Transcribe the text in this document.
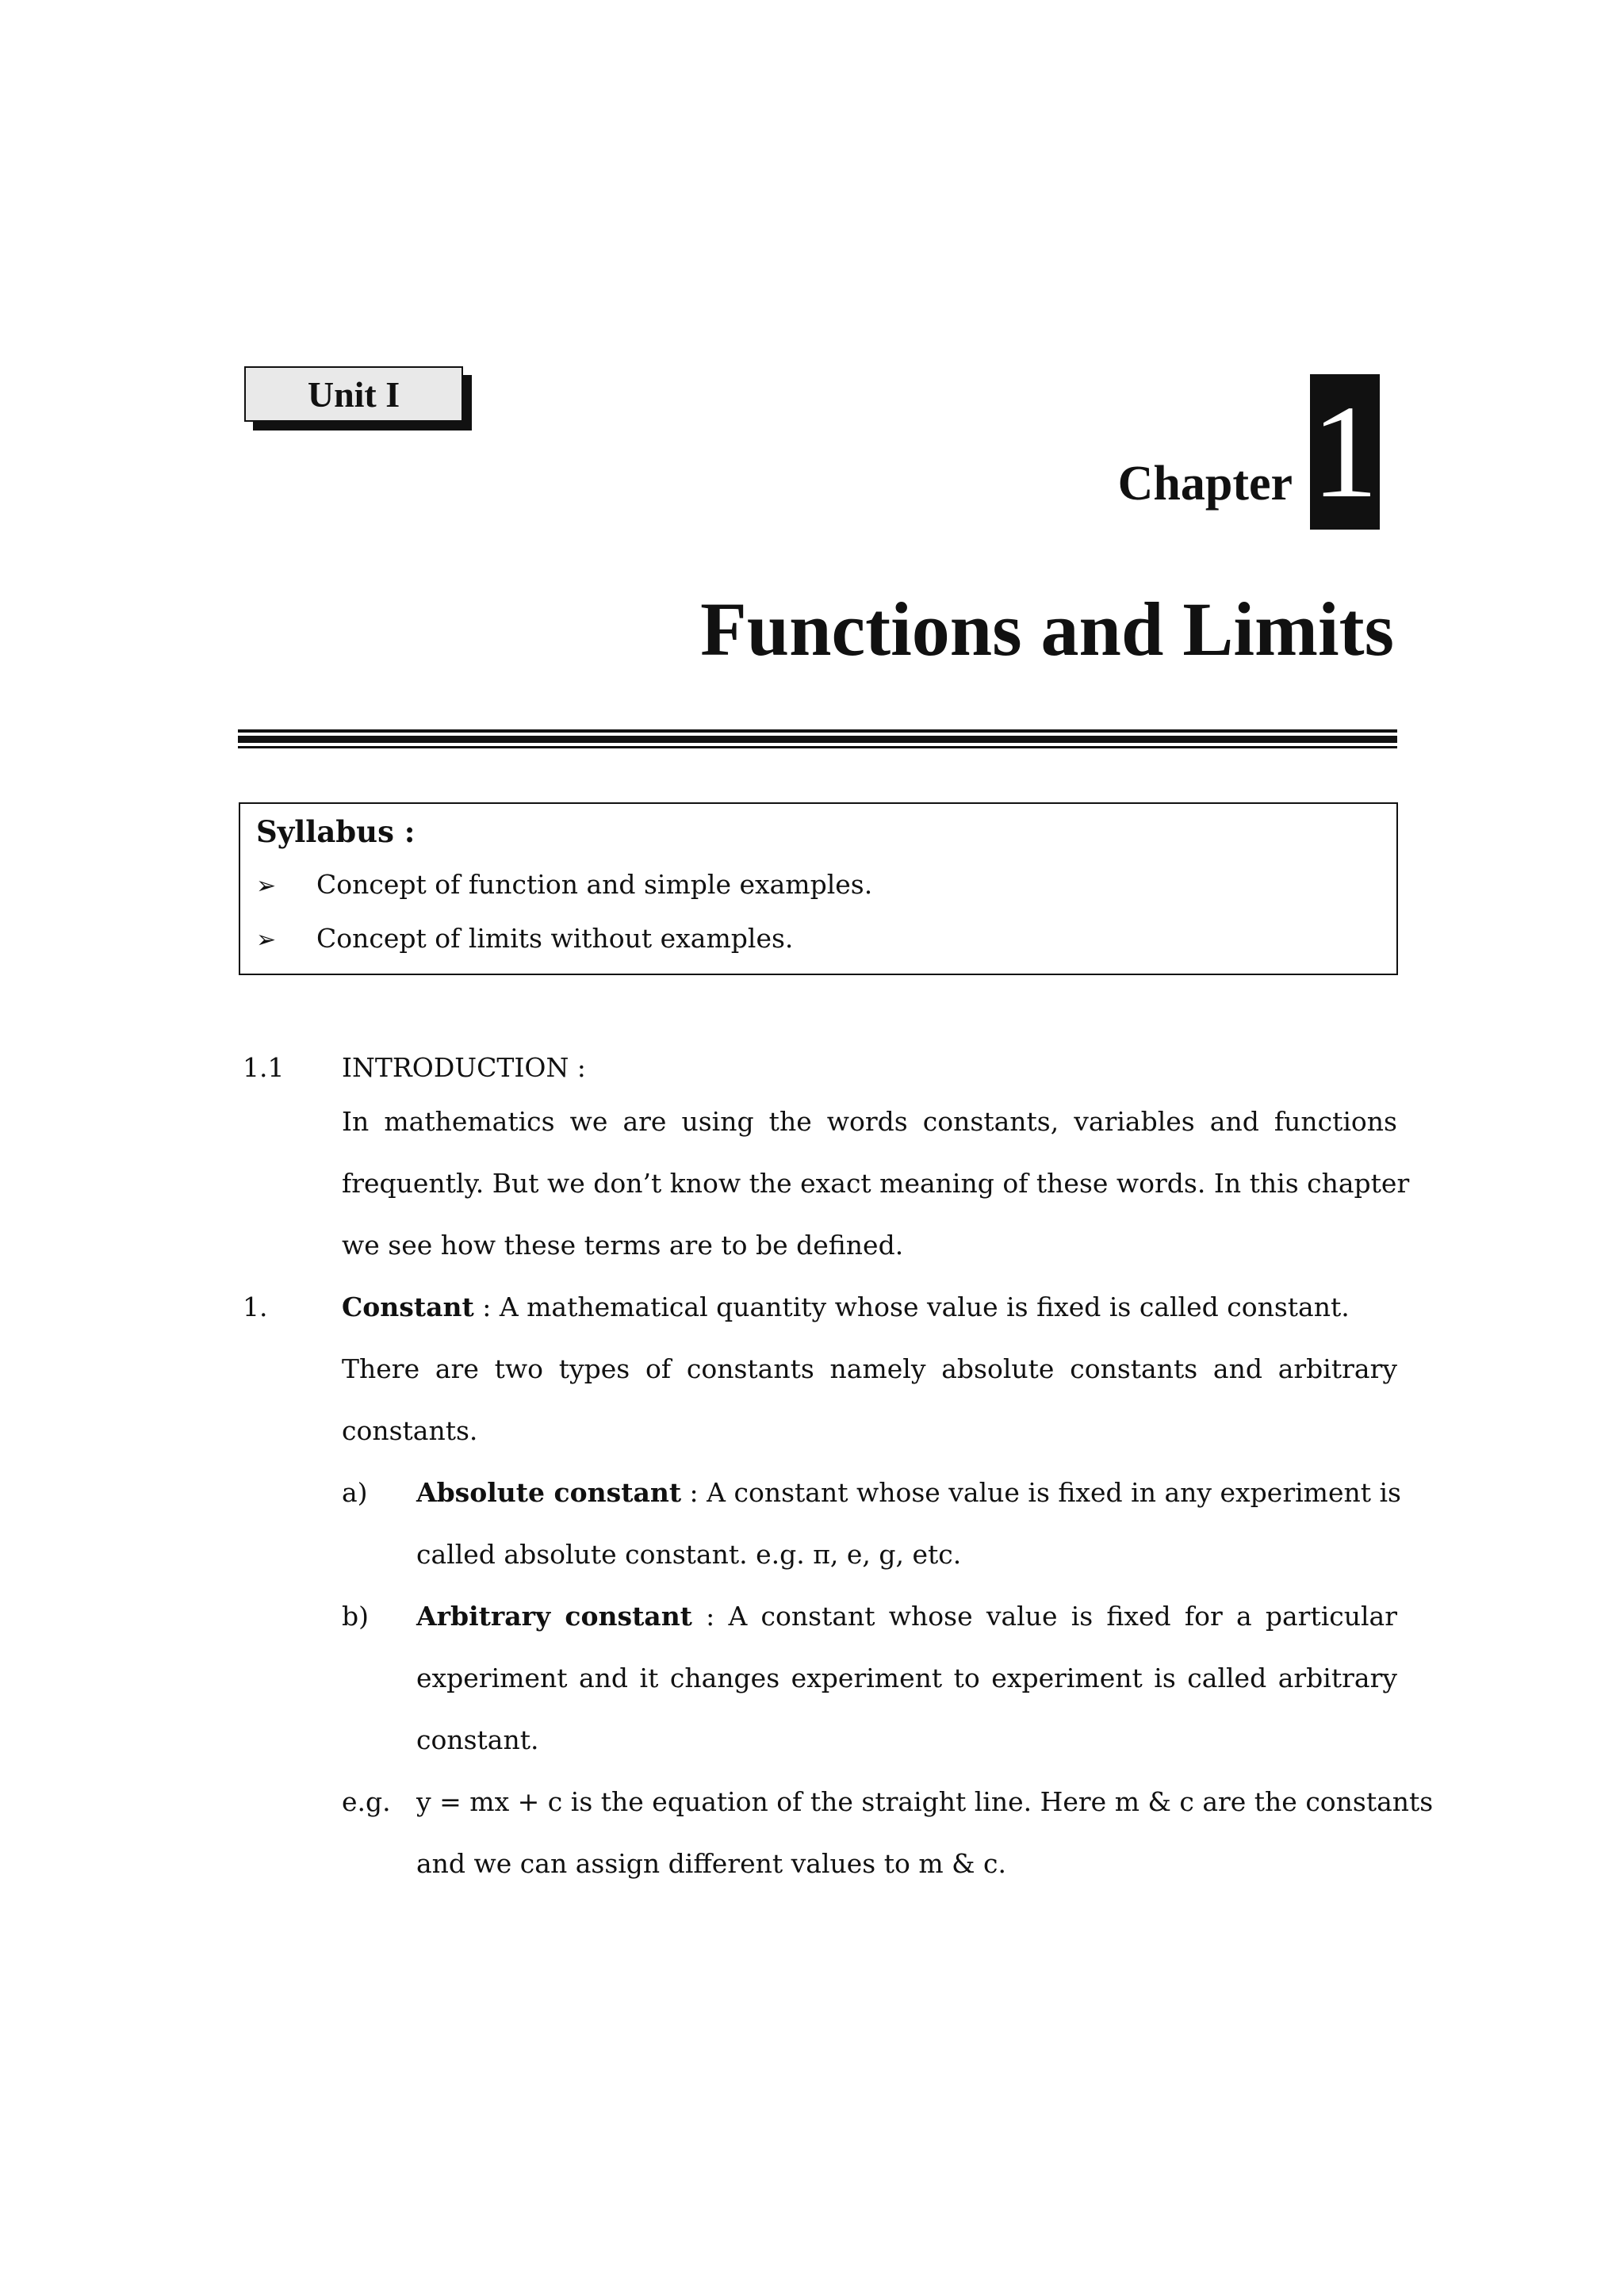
Unit I
Chapter 1
Functions and Limits
Syllabus :
➢ Concept of function and simple examples.
➢ Concept of limits without examples.
1.1 INTRODUCTION :
In mathematics we are using the words constants, variables and functions
frequently. But we don’t know the exact meaning of these words. In this chapter
we see how these terms are to be defined.
1.	Constant : A mathematical quantity whose value is fixed is called constant.
There are two types of constants namely absolute constants and arbitrary
constants.
a) Absolute constant : A constant whose value is fixed in any experiment is
called absolute constant. e.g. π, e, g, etc.
b) Arbitrary constant : A constant whose value is fixed for a particular
experiment and it changes experiment to experiment is called arbitrary
constant.
e.g. y = mx + c is the equation of the straight line. Here m & c are the constants
and we can assign different values to m & c.
